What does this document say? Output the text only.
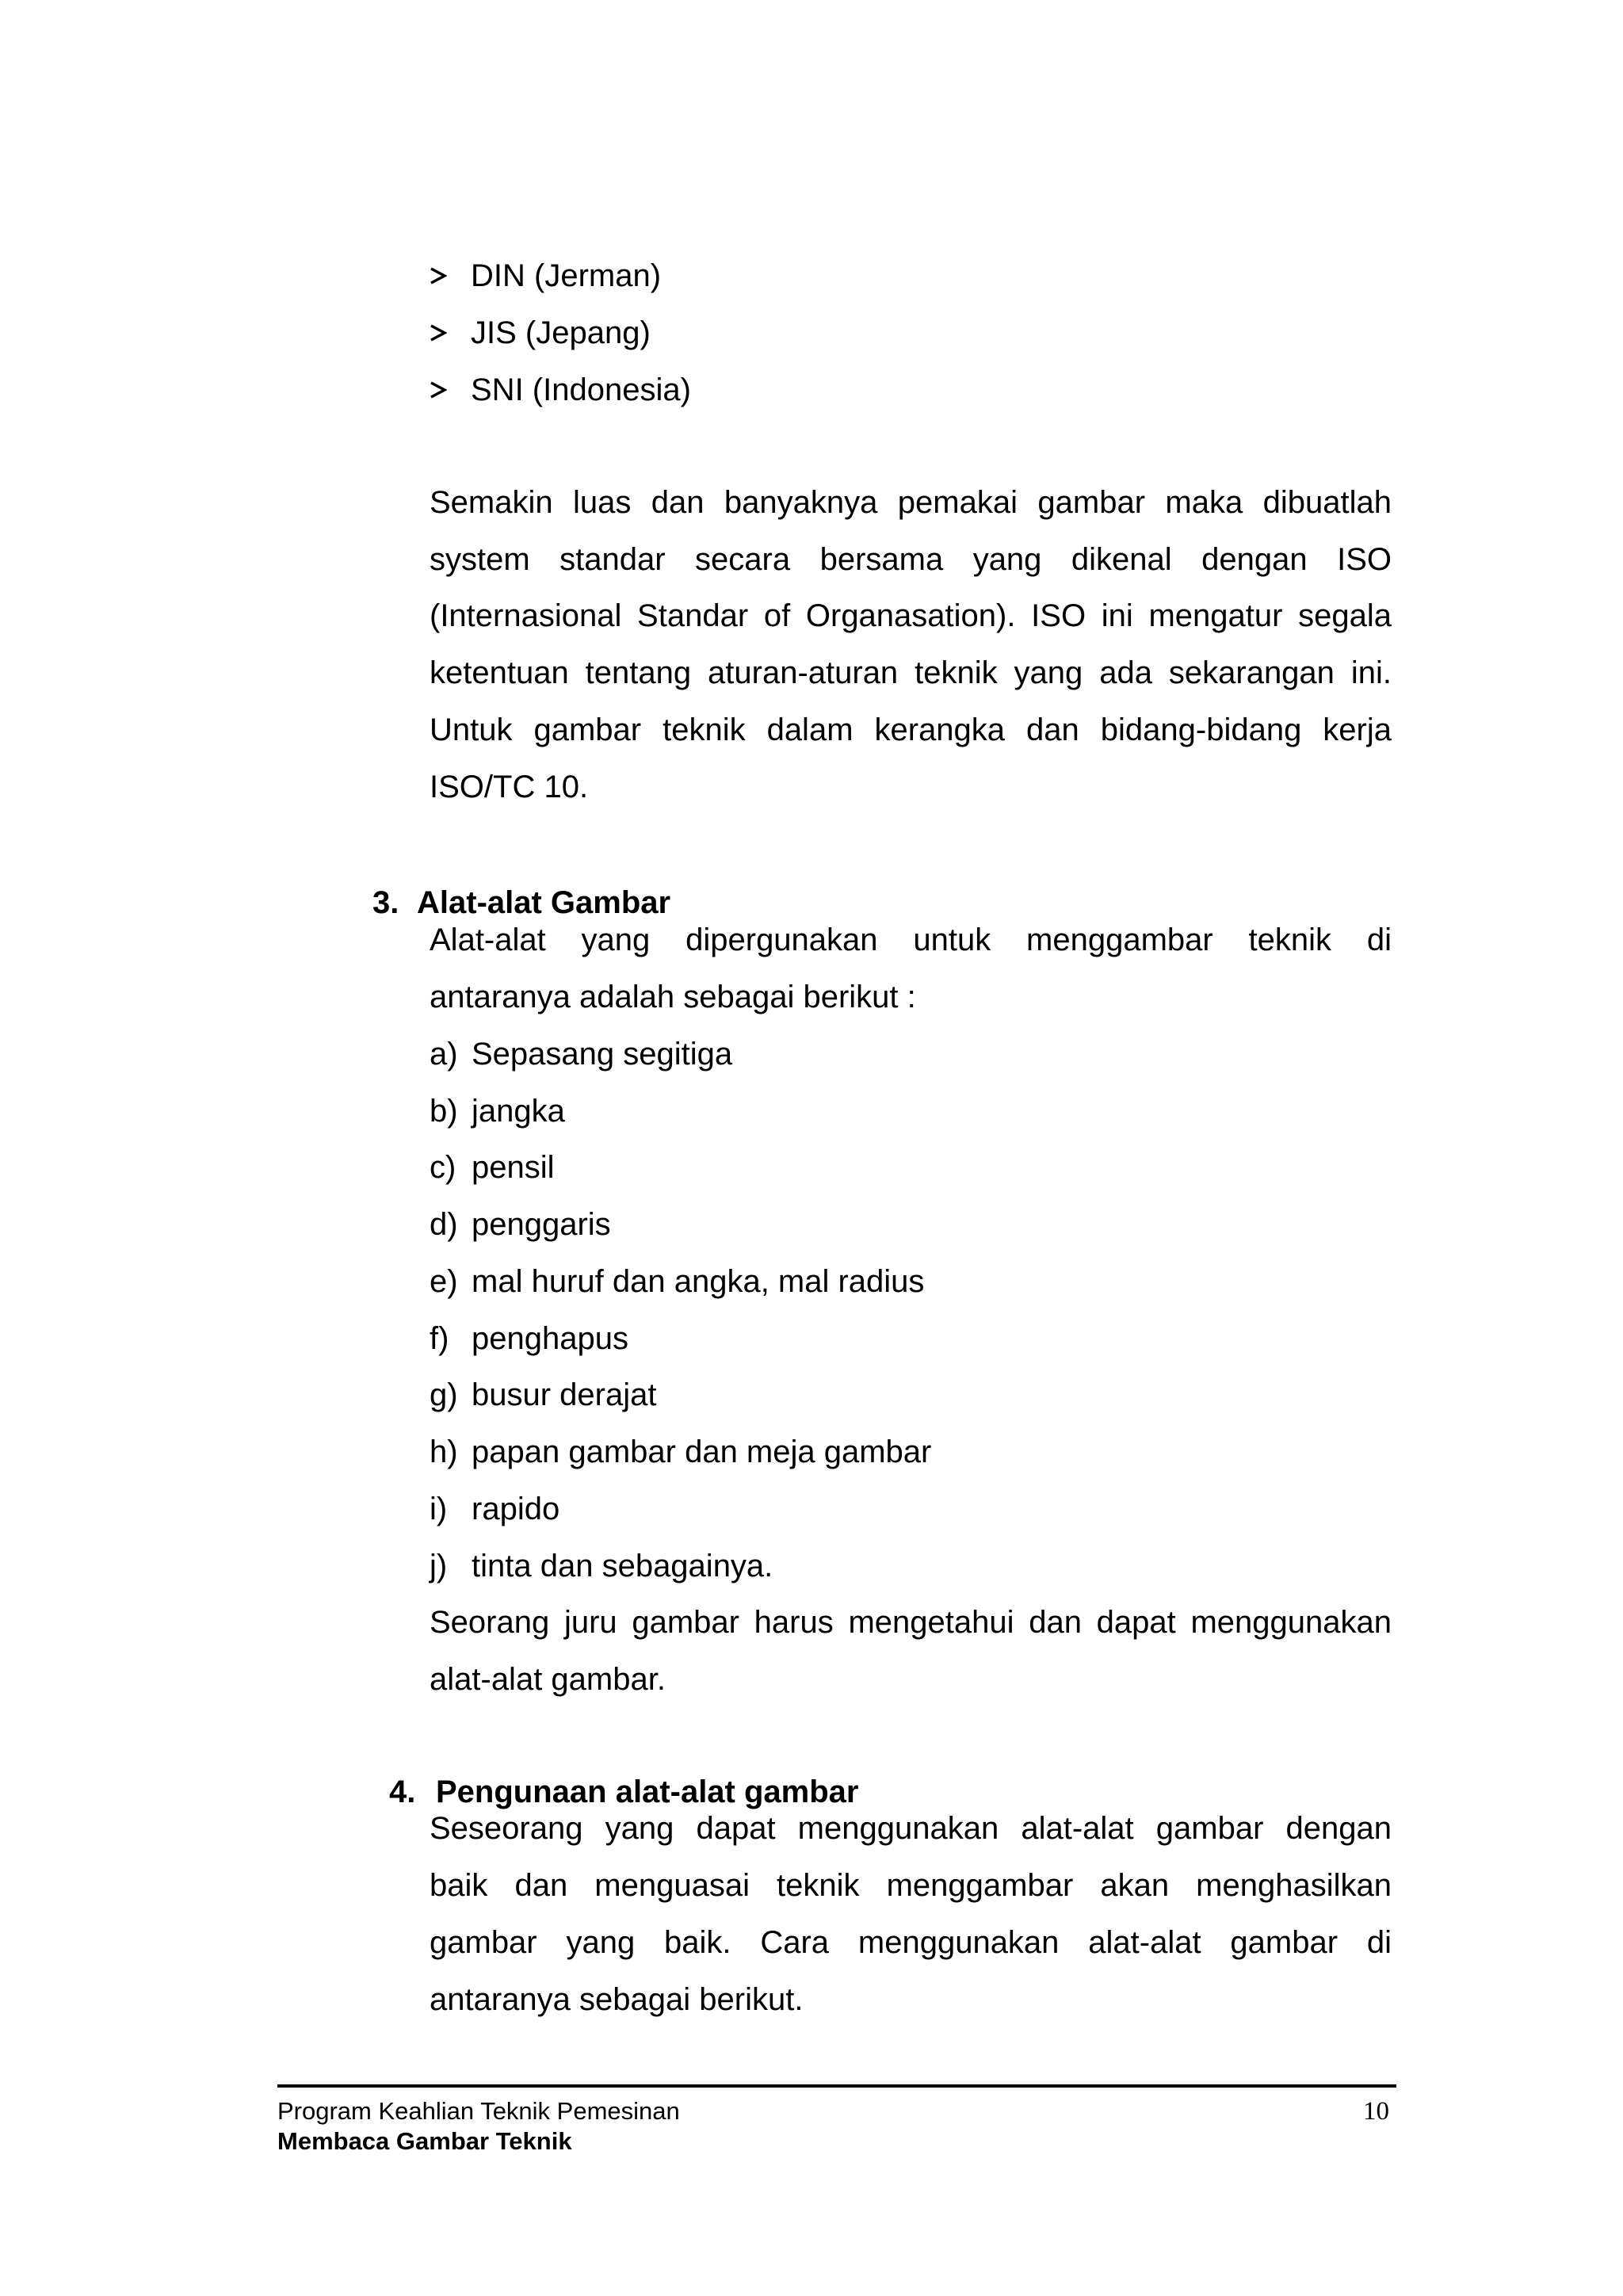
DIN (Jerman)
JIS (Jepang)
SNI (Indonesia)
Semakin luas dan banyaknya pemakai gambar maka dibuatlah
system standar secara bersama yang dikenal dengan ISO
(Internasional Standar of Organasation). ISO ini mengatur segala
ketentuan tentang aturan-aturan teknik yang ada sekarangan ini.
Untuk gambar teknik dalam kerangka dan bidang-bidang kerja
ISO/TC 10.
3. Alat-alat Gambar
Alat-alat yang dipergunakan untuk menggambar teknik di
antaranya adalah sebagai berikut :
a) Sepasang segitiga
b) jangka
c) pensil
d) penggaris
e) mal huruf dan angka, mal radius
f) penghapus
g) busur derajat
h) papan gambar dan meja gambar
i) rapido
j) tinta dan sebagainya.
Seorang juru gambar harus mengetahui dan dapat menggunakan
alat-alat gambar.
4. Pengunaan alat-alat gambar
Seseorang yang dapat menggunakan alat-alat gambar dengan
baik dan menguasai teknik menggambar akan menghasilkan
gambar yang baik. Cara menggunakan alat-alat gambar di
antaranya sebagai berikut.
Program Keahlian Teknik Pemesinan
Membaca Gambar Teknik
10
